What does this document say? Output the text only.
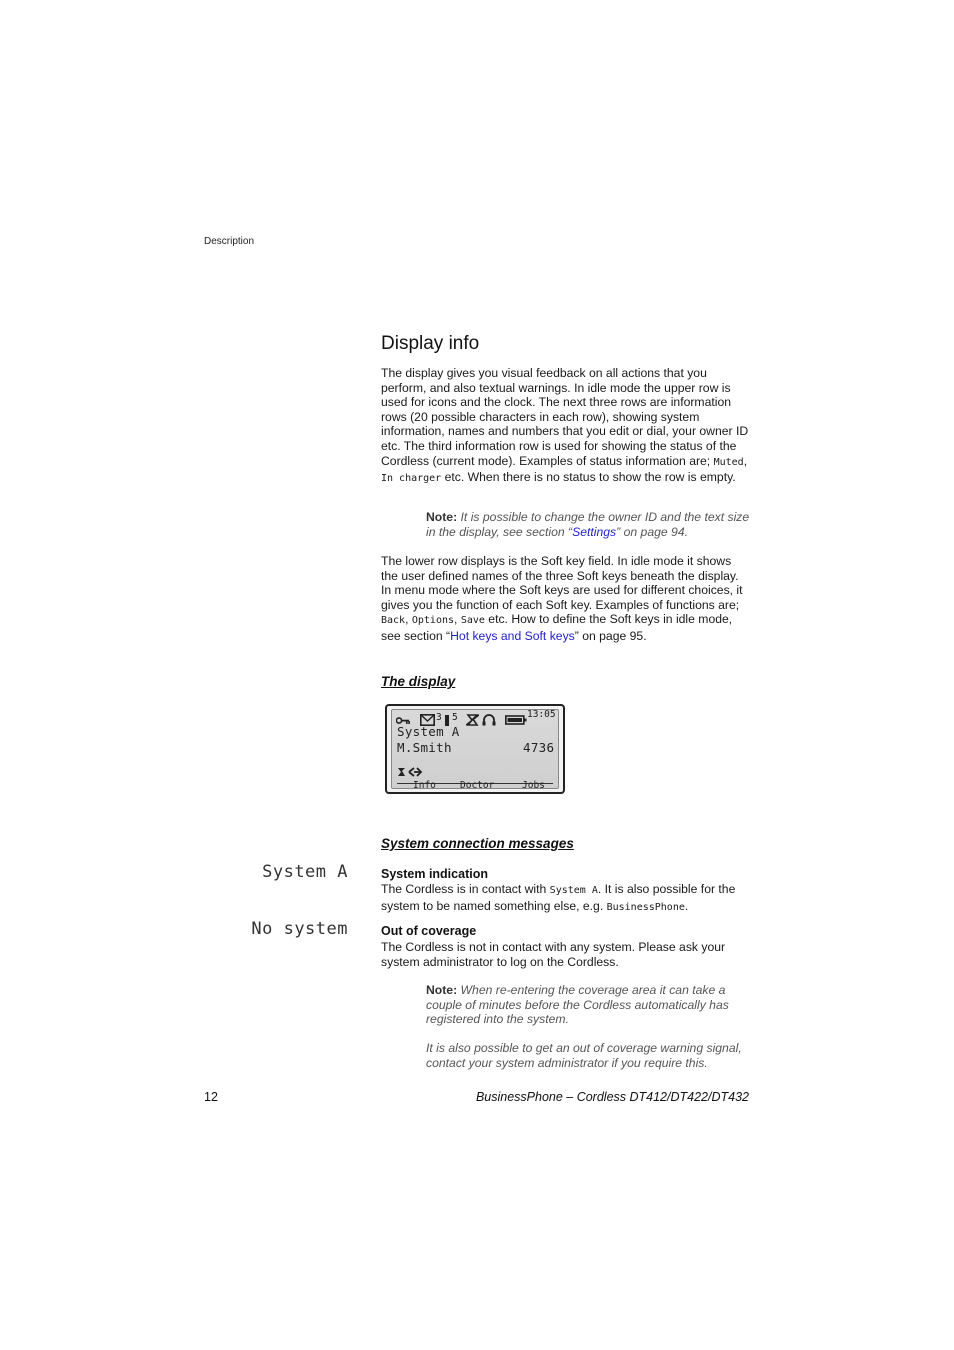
Description
Display info

The display gives you visual feedback on all actions that you perform, and also textual warnings. In idle mode the upper row is used for icons and the clock. The next three rows are information rows (20 possible characters in each row), showing system information, names and numbers that you edit or dial, your owner ID etc. The third information row is used for showing the status of the Cordless (current mode). Examples of status information are; Muted, In charger etc. When there is no status to show the row is empty.

Note: It is possible to change the owner ID and the text size in the display, see section “Settings” on page 94.

The lower row displays is the Soft key field. In idle mode it shows the user defined names of the three Soft keys beneath the display. In menu mode where the Soft keys are used for different choices, it gives you the function of each Soft key. Examples of functions are; Back, Options, Save etc. How to define the Soft keys in idle mode, see section “Hot keys and Soft keys” on page 95.

The display
3 5	13:05
System A
M.Smith	4736
Info	Doctor	Jobs
System connection messages
System A	System indication

The Cordless is in contact with System A. It is also possible for the system to be named something else, e.g. BusinessPhone.

No system	Out of coverage

The Cordless is not in contact with any system. Please ask your system administrator to log on the Cordless.

Note: When re-entering the coverage area it can take a couple of minutes before the Cordless automatically has registered into the system.

It is also possible to get an out of coverage warning signal, contact your system administrator if you require this.

12	BusinessPhone – Cordless DT412/DT422/DT432
